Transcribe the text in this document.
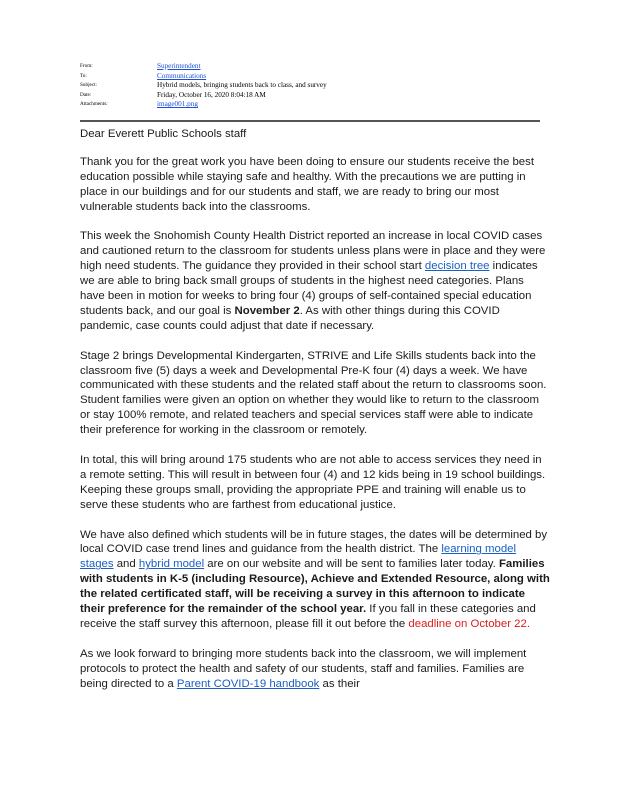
From:	Superintendent
To:	Communications
Subject:	Hybrid models, bringing students back to class, and survey
Date:	Friday, October 16, 2020 8:04:18 AM
Attachments:	image001.png

Dear Everett Public Schools staff

Thank you for the great work you have been doing to ensure our students receive the best education possible while staying safe and healthy. With the precautions we are putting in place in our buildings and for our students and staff, we are ready to bring our most vulnerable students back into the classrooms.

This week the Snohomish County Health District reported an increase in local COVID cases and cautioned return to the classroom for students unless plans were in place and they were high need students. The guidance they provided in their school start decision tree indicates we are able to bring back small groups of students in the highest need categories. Plans have been in motion for weeks to bring four (4) groups of self-contained special education students back, and our goal is November 2. As with other things during this COVID pandemic, case counts could adjust that date if necessary.

Stage 2 brings Developmental Kindergarten, STRIVE and Life Skills students back into the classroom five (5) days a week and Developmental Pre-K four (4) days a week. We have communicated with these students and the related staff about the return to classrooms soon. Student families were given an option on whether they would like to return to the classroom or stay 100% remote, and related teachers and special services staff were able to indicate their preference for working in the classroom or remotely.

In total, this will bring around 175 students who are not able to access services they need in a remote setting. This will result in between four (4) and 12 kids being in 19 school buildings. Keeping these groups small, providing the appropriate PPE and training will enable us to serve these students who are farthest from educational justice.

We have also defined which students will be in future stages, the dates will be determined by local COVID case trend lines and guidance from the health district. The learning model stages and hybrid model are on our website and will be sent to families later today. Families with students in K-5 (including Resource), Achieve and Extended Resource, along with the related certificated staff, will be receiving a survey in this afternoon to indicate their preference for the remainder of the school year. If you fall in these categories and receive the staff survey this afternoon, please fill it out before the deadline on October 22.

As we look forward to bringing more students back into the classroom, we will implement protocols to protect the health and safety of our students, staff and families. Families are being directed to a Parent COVID-19 handbook as their
